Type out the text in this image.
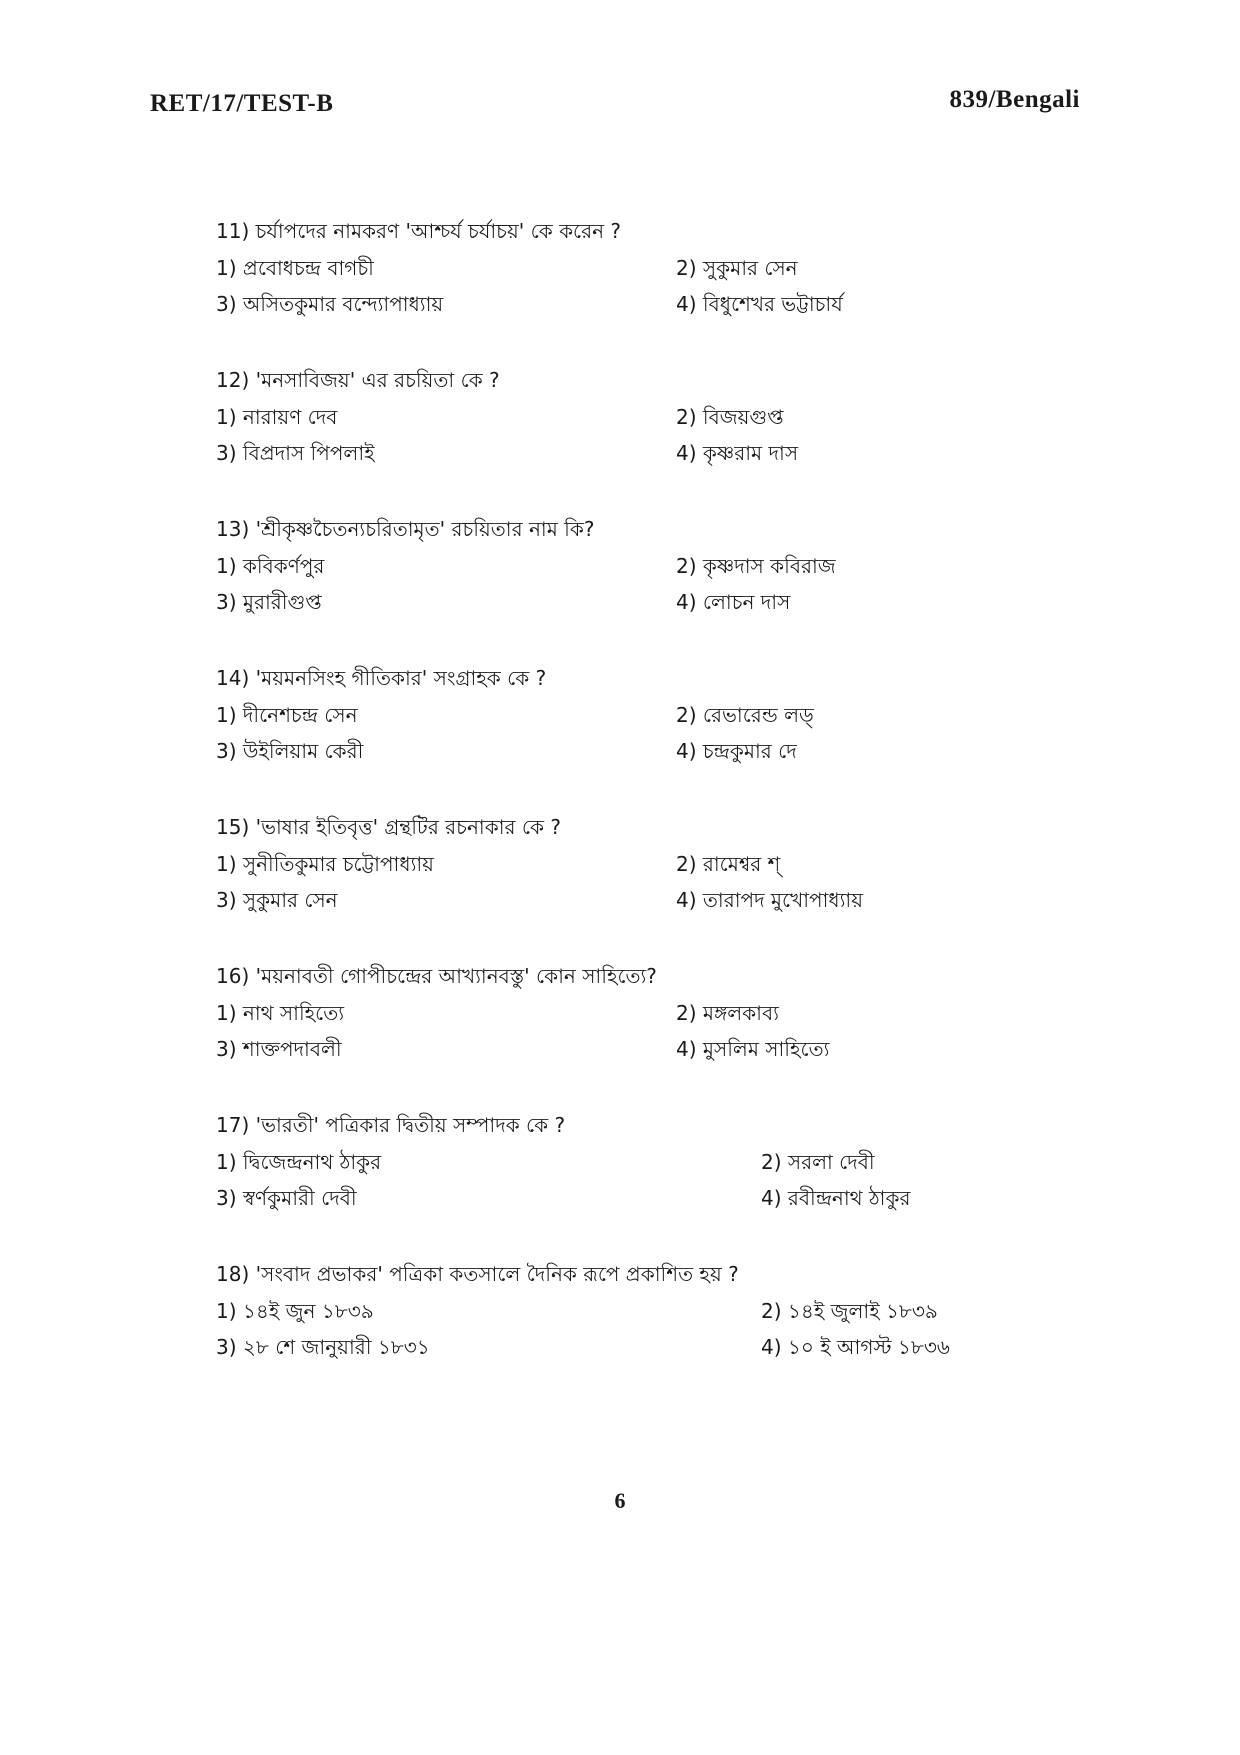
RET/17/TEST-B	839/Bengali
11) চর্যাপদের নামকরণ 'আশ্চর্য চর্যাচয়' কে করেন ?
1) প্রবোধচন্দ্র বাগচী	2) সুকুমার সেন
3) অসিতকুমার বন্দ্যোপাধ্যায়	4) বিধুশেখর ভট্টাচার্য
12) 'মনসাবিজয়' এর রচয়িতা কে ?
1) নারায়ণ দেব	2) বিজয়গুপ্ত
3) বিপ্রদাস পিপলাই	4) কৃষ্ণরাম দাস
13) 'শ্রীকৃষ্ণচৈতন্যচরিতামৃত' রচয়িতার নাম কি?
1) কবিকর্ণপুর	2) কৃষ্ণদাস কবিরাজ
3) মুরারীগুপ্ত	4) লোচন দাস
14) 'ময়মনসিংহ গীতিকার' সংগ্রাহক কে ?
1) দীনেশচন্দ্র সেন	2) রেভারেন্ড লড্
3) উইলিয়াম কেরী	4) চন্দ্রকুমার দে
15) 'ভাষার ইতিবৃত্ত' গ্রন্থটির রচনাকার কে ?
1) সুনীতিকুমার চট্টোপাধ্যায়	2) রামেশ্বর শ্
3) সুকুমার সেন	4) তারাপদ মুখোপাধ্যায়
16) 'ময়নাবতী গোপীচন্দ্রের আখ্যানবস্তু' কোন সাহিত্যে?
1) নাথ সাহিত্যে	2) মঙ্গলকাব্য
3) শাক্তপদাবলী	4) মুসলিম সাহিত্যে
17) 'ভারতী' পত্রিকার দ্বিতীয় সম্পাদক কে ?
1) দ্বিজেন্দ্রনাথ ঠাকুর	2) সরলা দেবী
3) স্বর্ণকুমারী দেবী	4) রবীন্দ্রনাথ ঠাকুর
18) 'সংবাদ প্রভাকর' পত্রিকা কতসালে দৈনিক রূপে প্রকাশিত হয় ?
1) ১৪ই জুন ১৮৩৯	2) ১৪ই জুলাই ১৮৩৯
3) ২৮ শে জানুয়ারী ১৮৩১	4) ১০ ই আগস্ট ১৮৩৬
6
